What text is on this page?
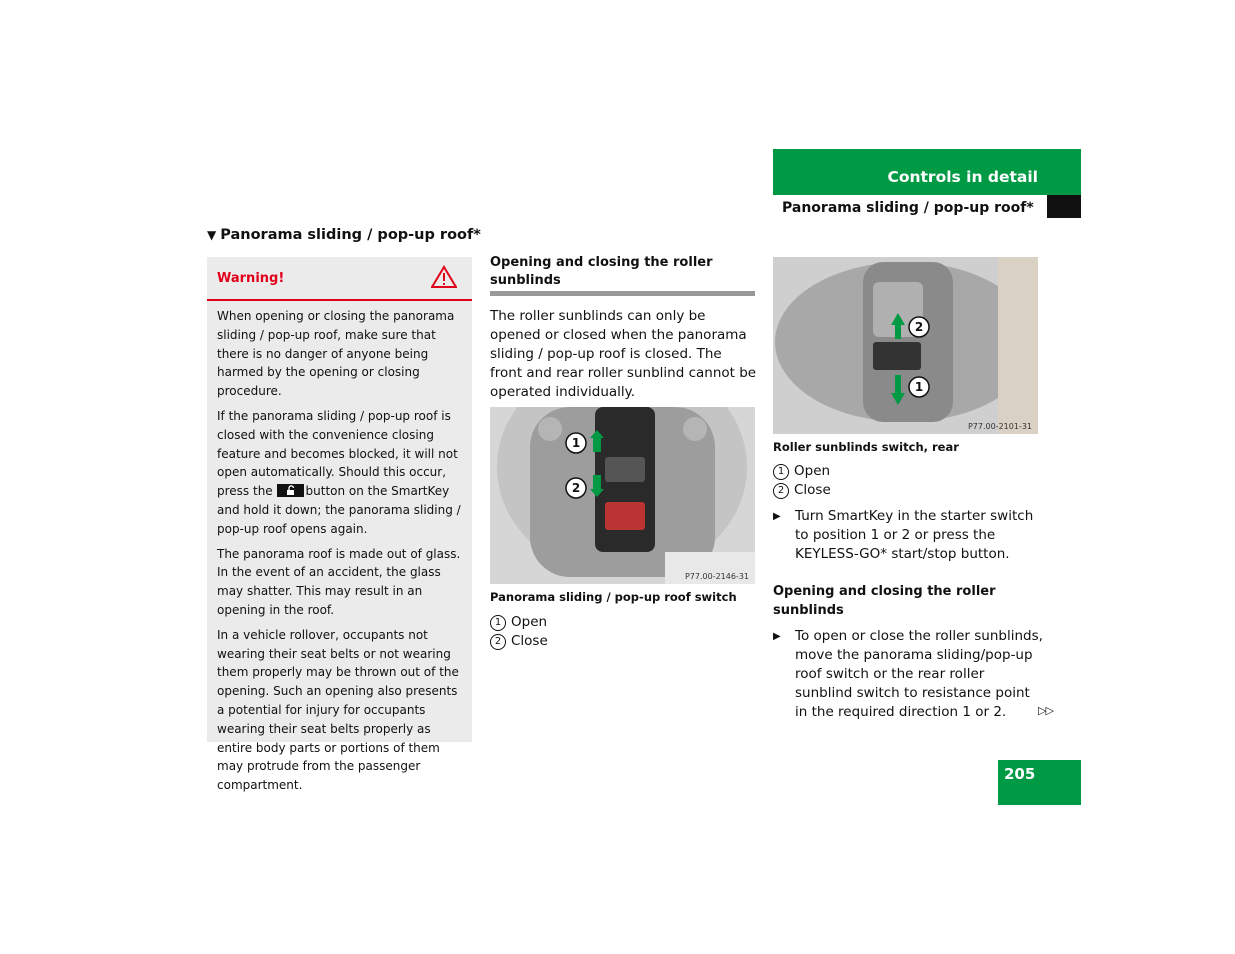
Controls in detail
Panorama sliding / pop-up roof*
▼ Panorama sliding / pop-up roof*
Warning!

When opening or closing the panorama sliding / pop-up roof, make sure that there is no danger of anyone being harmed by the opening or closing procedure.

If the panorama sliding / pop-up roof is closed with the convenience closing feature and becomes blocked, it will not open automatically. Should this occur, press the	button on the SmartKey and hold it down; the panorama sliding / pop-up roof opens again.

The panorama roof is made out of glass. In the event of an accident, the glass may shatter. This may result in an opening in the roof.

In a vehicle rollover, occupants not wearing their seat belts or not wearing them properly may be thrown out of the opening. Such an opening also presents a potential for injury for occupants wearing their seat belts properly as entire body parts or portions of them may protrude from the passenger compartment.

Opening and closing the roller sunblinds
The roller sunblinds can only be opened or closed when the panorama sliding / pop-up roof is closed. The front and rear roller sunblind cannot be operated individually.
1
2
P77.00-2146-31
Panorama sliding / pop-up roof switch
1 Open
2 Close
2
1
P77.00-2101-31
Roller sunblinds switch, rear
1 Open
2 Close
▶ Turn SmartKey in the starter switch to position 1 or 2 or press the KEYLESS-GO* start/stop button.
Opening and closing the roller sunblinds
▶ To open or close the roller sunblinds, move the panorama sliding/pop-up roof switch or the rear roller sunblind switch to resistance point in the required direction 1 or 2.	▷▷
205
